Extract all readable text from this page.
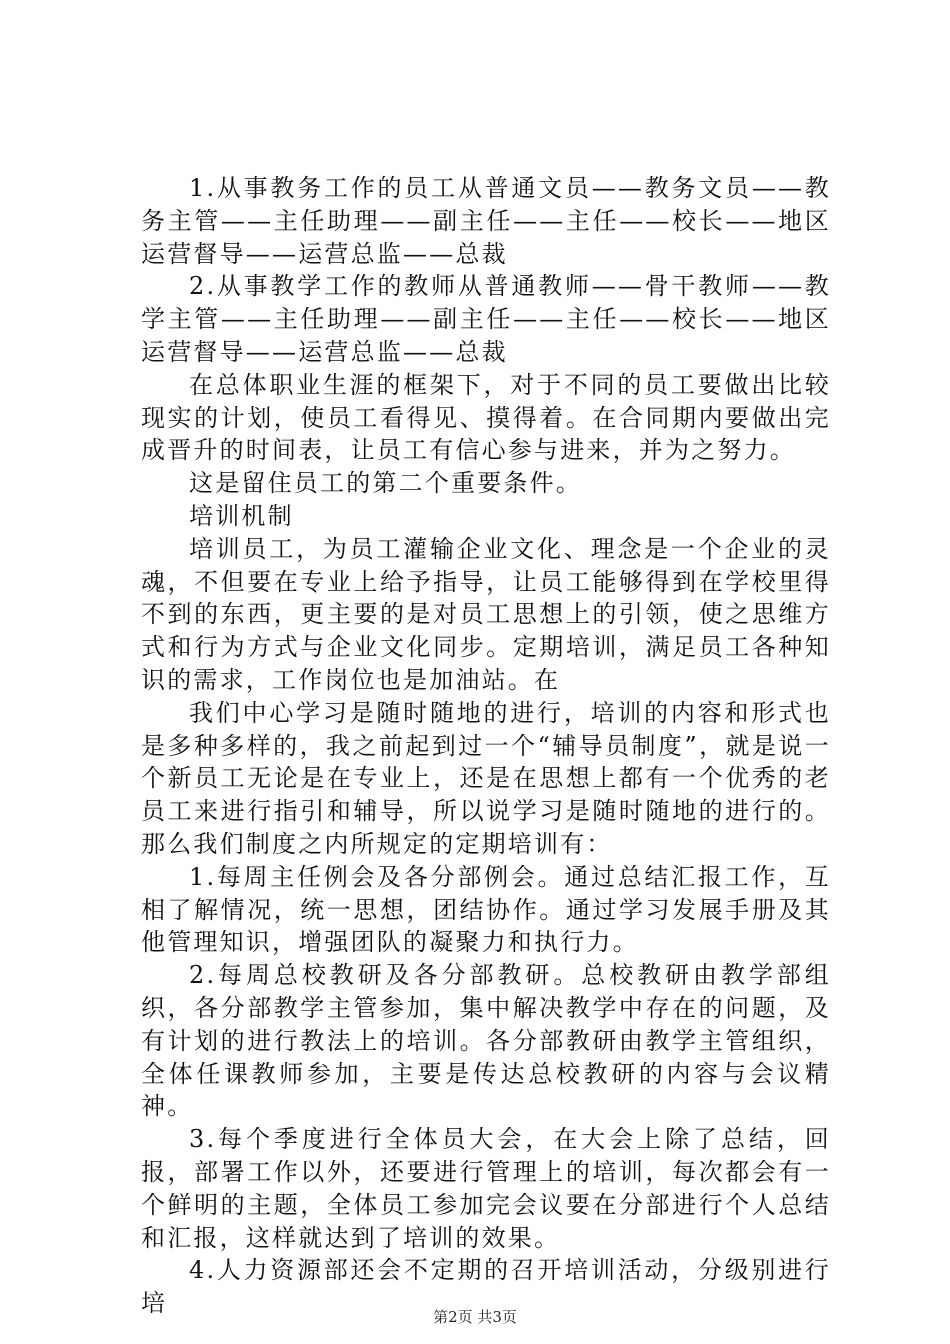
1.从事教务工作的员工从普通文员——教务文员——教务主管——主任助理——副主任——主任——校长——地区运营督导——运营总监——总裁

2.从事教学工作的教师从普通教师——骨干教师——教学主管——主任助理——副主任——主任——校长——地区运营督导——运营总监——总裁

在总体职业生涯的框架下，对于不同的员工要做出比较现实的计划，使员工看得见、摸得着。在合同期内要做出完成晋升的时间表，让员工有信心参与进来，并为之努力。

这是留住员工的第二个重要条件。

培训机制

培训员工，为员工灌输企业文化、理念是一个企业的灵魂，不但要在专业上给予指导，让员工能够得到在学校里得不到的东西，更主要的是对员工思想上的引领，使之思维方式和行为方式与企业文化同步。定期培训，满足员工各种知识的需求，工作岗位也是加油站。在

我们中心学习是随时随地的进行，培训的内容和形式也是多种多样的，我之前起到过一个“辅导员制度”，就是说一个新员工无论是在专业上，还是在思想上都有一个优秀的老员工来进行指引和辅导，所以说学习是随时随地的进行的。那么我们制度之内所规定的定期培训有：

1.每周主任例会及各分部例会。通过总结汇报工作，互相了解情况，统一思想，团结协作。通过学习发展手册及其他管理知识，增强团队的凝聚力和执行力。

2.每周总校教研及各分部教研。总校教研由教学部组织，各分部教学主管参加，集中解决教学中存在的问题，及有计划的进行教法上的培训。各分部教研由教学主管组织，全体任课教师参加，主要是传达总校教研的内容与会议精神。

3.每个季度进行全体员大会，在大会上除了总结，回报，部署工作以外，还要进行管理上的培训，每次都会有一个鲜明的主题，全体员工参加完会议要在分部进行个人总结和汇报，这样就达到了培训的效果。

4.人力资源部还会不定期的召开培训活动，分级别进行培	第2页 共3页
